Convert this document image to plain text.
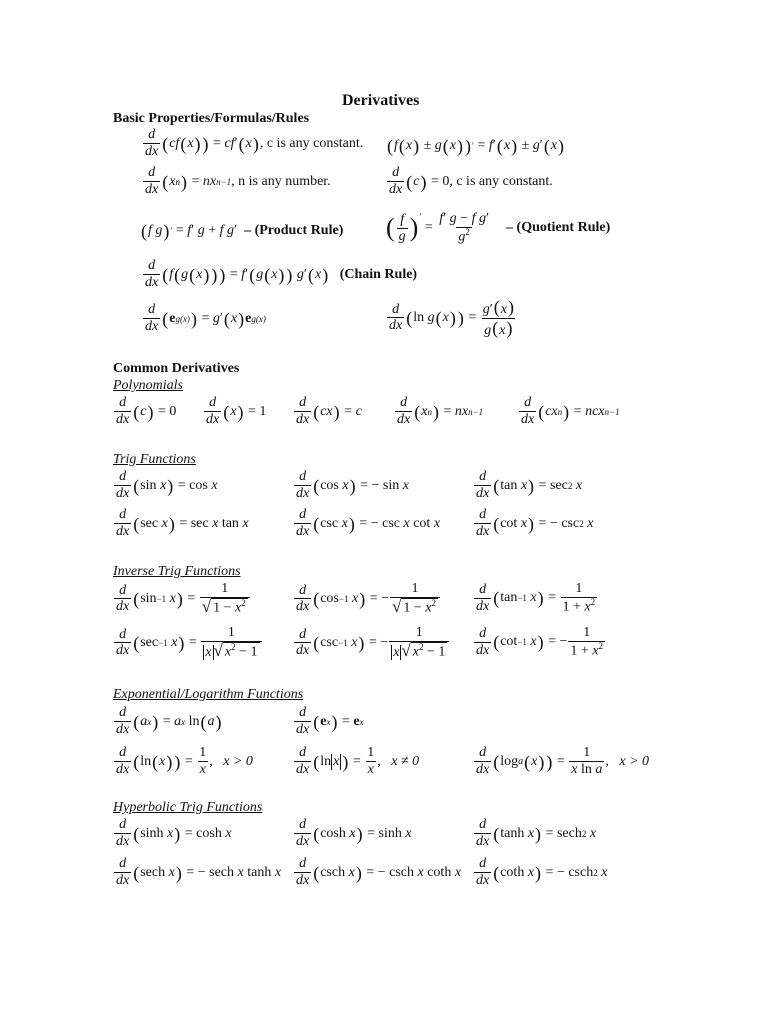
Derivatives
Basic Properties/Formulas/Rules
d
dx ( cf ( x ) ) = cf ′ ( x ) , c is any constant. ( f ( x ) ± g ( x ) ) ′ = f ′ ( x ) ± g ′ ( x )
d
dx ( x n ) = nx n−1 , n is any number.
d
dx ( c ) = 0 , c is any constant.
( f g ) ′ = f ′ g + f g ′
– (Product Rule) ( f
g )′
= $\frac{\text{f′ g − f g′}}{g^2}$
– (Quotient Rule)
d
dx ( f ( g ( x ) ) ) = f ′ ( g ( x ) )
g ′ ( x )
(Chain Rule)
d
dx ( e g(x) ) = g ′ ( x ) e g(x)
d
dx ( ln g ( x ) ) = $\frac{g'(x)}{g(x)}$
Common Derivatives
Polynomials
d
dx ( c ) = 0
d
dx ( x ) = 1
d
dx ( cx ) = c
d
dx ( x n ) = nx n−1
d
dx ( cx n ) = ncx n−1
Trig Functions
d
dx ( sin x ) = cos x
d
dx ( cos x ) = − sin x
d
dx ( tan x ) = sec 2
x
d
dx ( sec x ) = sec x tan x
d
dx ( csc x ) = − csc x cot x
d
dx ( cot x ) = − csc 2
x
Inverse Trig Functions
d
dx ( sin −1
x ) =
1
√ $1 - x^2$
d
dx ( cos −1
x ) = −
1
√ $1 - x^2$
d
dx ( tan −1
x ) =
1
$1 + x^2$
d
dx ( sec −1
x ) =
1
x √ $x^2 - 1$
d
dx ( csc −1
x ) = −
1
x √ $x^2 - 1$
d
dx ( cot −1
x ) = −
1
$1 + x^2$
Exponential/Logarithm Functions
d
dx ( a x ) = a x ln ( a )	d
dx ( e x ) = e x
d
dx ( ln ( x ) ) =
1
x
, x > 0
d
dx ( ln x ) =
1
x
, x ≠ 0
d
dx ( log a ( x ) ) =
1
x ln a
, x > 0
Hyperbolic Trig Functions
d
dx ( sinh x ) = cosh x
d
dx ( cosh x ) = sinh x
d
dx ( tanh x ) = sech 2
x
d
dx ( sech x ) = − sech x tanh x
d
dx ( csch x ) = − csch x coth x
d
dx ( coth x ) = − csch 2
x
